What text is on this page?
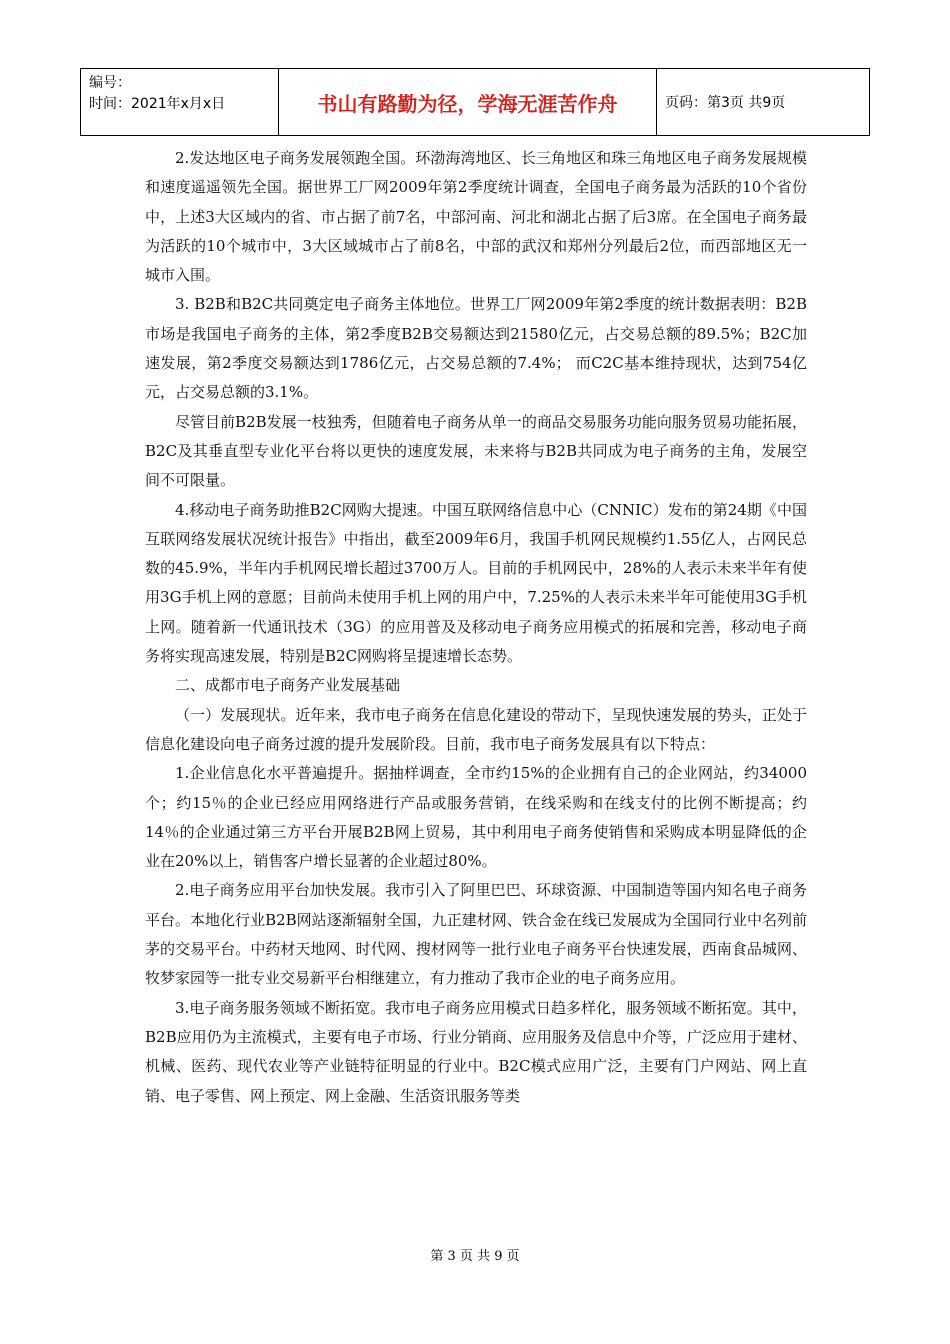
编号：
时间：2021年x月x日	书山有路勤为径，学海无涯苦作舟	页码：第3页 共9页

2.发达地区电子商务发展领跑全国。环渤海湾地区、长三角地区和珠三角地区电子商务发展规模和速度遥遥领先全国。据世界工厂网2009年第2季度统计调查，全国电子商务最为活跃的10个省份中，上述3大区域内的省、市占据了前7名，中部河南、河北和湖北占据了后3席。在全国电子商务最为活跃的10个城市中，3大区域城市占了前8名，中部的武汉和郑州分列最后2位，而西部地区无一城市入围。

3. B2B和B2C共同奠定电子商务主体地位。世界工厂网2009年第2季度的统计数据表明：B2B市场是我国电子商务的主体，第2季度B2B交易额达到21580亿元，占交易总额的89.5%；B2C加速发展，第2季度交易额达到1786亿元，占交易总额的7.4%； 而C2C基本维持现状，达到754亿元，占交易总额的3.1%。

尽管目前B2B发展一枝独秀，但随着电子商务从单一的商品交易服务功能向服务贸易功能拓展，B2C及其垂直型专业化平台将以更快的速度发展，未来将与B2B共同成为电子商务的主角，发展空间不可限量。

4.移动电子商务助推B2C网购大提速。中国互联网络信息中心（CNNIC）发布的第24期《中国互联网络发展状况统计报告》中指出，截至2009年6月，我国手机网民规模约1.55亿人，占网民总数的45.9%，半年内手机网民增长超过3700万人。目前的手机网民中，28%的人表示未来半年有使用3G手机上网的意愿；目前尚未使用手机上网的用户中，7.25%的人表示未来半年可能使用3G手机上网。随着新一代通讯技术（3G）的应用普及及移动电子商务应用模式的拓展和完善，移动电子商务将实现高速发展，特别是B2C网购将呈提速增长态势。

二、成都市电子商务产业发展基础

（一）发展现状。近年来，我市电子商务在信息化建设的带动下，呈现快速发展的势头，正处于信息化建设向电子商务过渡的提升发展阶段。目前，我市电子商务发展具有以下特点：

1.企业信息化水平普遍提升。据抽样调查，全市约15%的企业拥有自己的企业网站，约34000个；约15％的企业已经应用网络进行产品或服务营销，在线采购和在线支付的比例不断提高；约14％的企业通过第三方平台开展B2B网上贸易，其中利用电子商务使销售和采购成本明显降低的企业在20%以上，销售客户增长显著的企业超过80%。

2.电子商务应用平台加快发展。我市引入了阿里巴巴、环球资源、中国制造等国内知名电子商务平台。本地化行业B2B网站逐渐辐射全国，九正建材网、铁合金在线已发展成为全国同行业中名列前茅的交易平台。中药材天地网、时代网、搜材网等一批行业电子商务平台快速发展，西南食品城网、牧梦家园等一批专业交易新平台相继建立，有力推动了我市企业的电子商务应用。

3.电子商务服务领域不断拓宽。我市电子商务应用模式日趋多样化，服务领域不断拓宽。其中，B2B应用仍为主流模式，主要有电子市场、行业分销商、应用服务及信息中介等，广泛应用于建材、机械、医药、现代农业等产业链特征明显的行业中。B2C模式应用广泛，主要有门户网站、网上直销、电子零售、网上预定、网上金融、生活资讯服务等类

第 3 页 共 9 页
